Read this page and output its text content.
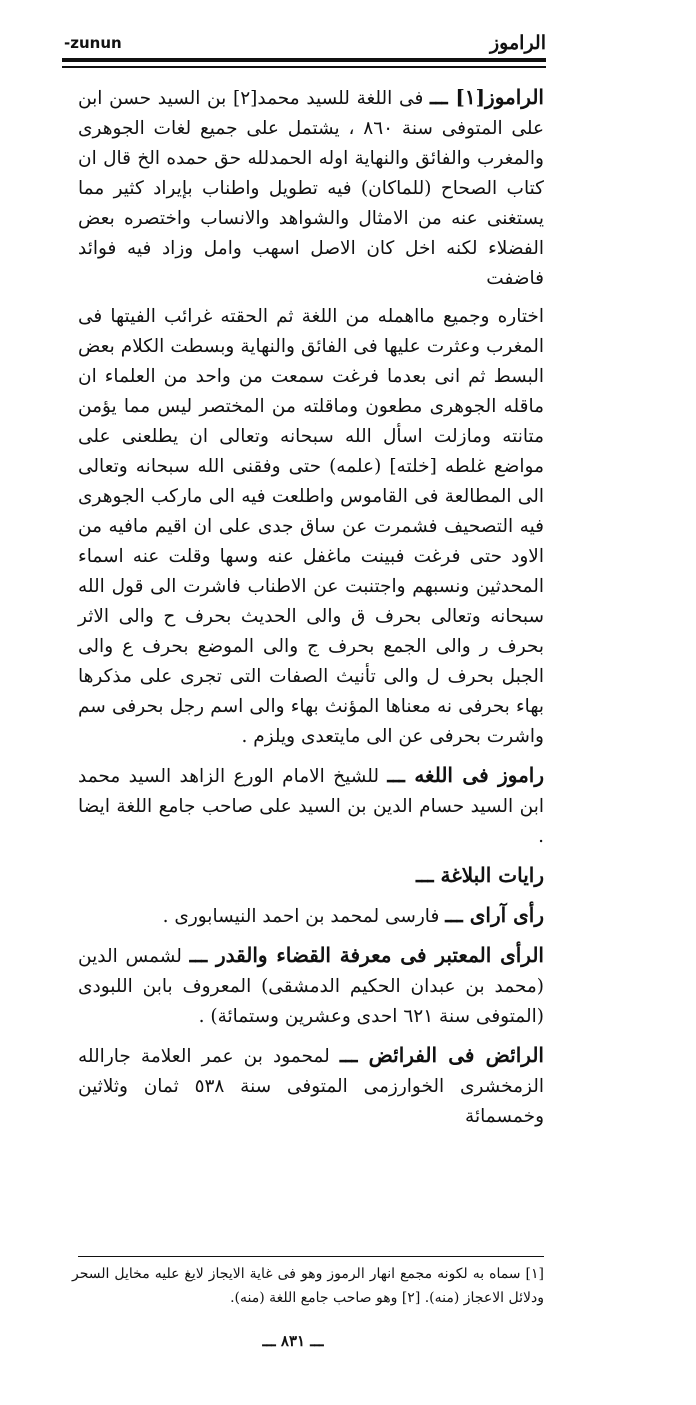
-zunun	الراموز

الراموز[١] ـــ فى اللغة للسيد محمد[٢] بن السيد حسن ابن على المتوفى سنة ٨٦٠ ، يشتمل على جميع لغات الجوهرى والمغرب والفائق والنهاية اوله الحمدلله حق حمده الخ قال ان كتاب الصحاح (للماكان) فيه تطويل واطناب بإيراد كثير مما يستغنى عنه من الامثال والشواهد والانساب واختصره بعض الفضلاء لكنه اخل كان الاصل اسهب وامل وزاد فيه فوائد فاضفت

اختاره وجميع مااهمله من اللغة ثم الحقته غرائب الفيتها فى المغرب وعثرت عليها فى الفائق والنهاية وبسطت الكلام بعض البسط ثم انى بعدما فرغت سمعت من واحد من العلماء ان ماقله الجوهرى مطعون وماقلته من المختصر ليس مما يؤمن متانته ومازلت اسأل الله سبحانه وتعالى ان يطلعنى على مواضع غلطه [خلته] (علمه) حتى وفقنى الله سبحانه وتعالى الى المطالعة فى القاموس واطلعت فيه الى مارکب الجوهرى فيه التصحيف فشمرت عن ساق جدى على ان اقيم مافيه من الاود حتى فرغت فبينت ماغفل عنه وسها وقلت عنه اسماء المحدثين ونسبهم واجتنبت عن الاطناب فاشرت الى قول الله سبحانه وتعالى بحرف ق والى الحديث بحرف ح والى الاثر بحرف ر والى الجمع بحرف ج والى الموضع بحرف ع والى الجبل بحرف ل والى تأنيث الصفات التى تجرى على مذكرها بهاء بحرفى نه معناها المؤنث بهاء والى اسم رجل بحرفى سم واشرت بحرفى عن الى مايتعدى ويلزم .

راموز فى اللغه ـــ للشيخ الامام الورع الزاهد السيد محمد ابن السيد حسام الدين بن السيد على صاحب جامع اللغة ايضا .

رايات البلاغة ـــ

رأى آراى ـــ فارسى لمحمد بن احمد النيسابورى .

الرأى المعتبر فى معرفة القضاء والقدر ـــ لشمس الدين (محمد بن عبدان الحكيم الدمشقى) المعروف بابن اللبودى (المتوفى سنة ٦٢١ احدى وعشرين وستمائة) .

الرائض فى الفرائض ـــ لمحمود بن عمر العلامة جارالله الزمخشرى الخوارزمى المتوفى سنة ٥٣٨ ثمان وثلاثين وخمسمائة

[١] سماه به لكونه مجمع انهار الرموز وهو فى غاية الايجاز لايغ عليه مخايل السحر ودلائل الاعجاز (منه). [٢] وهو صاحب جامع اللغة (منه).
ـــ ٨٣١ ـــ
